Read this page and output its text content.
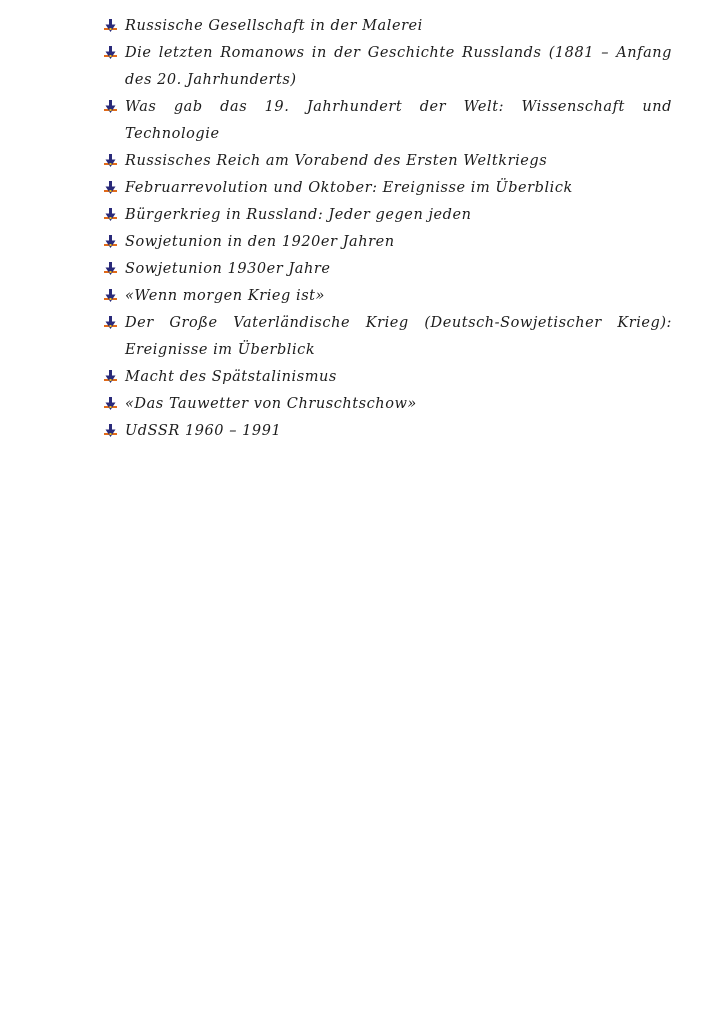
Russische Gesellschaft in der Malerei
Die letzten Romanows in der Geschichte Russlands (1881 – Anfang des 20. Jahrhunderts)
Was gab das 19. Jahrhundert der Welt: Wissenschaft und Technologie
Russisches Reich am Vorabend des Ersten Weltkriegs
Februarrevolution und Oktober: Ereignisse im Überblick
Bürgerkrieg in Russland: Jeder gegen jeden
Sowjetunion in den 1920er Jahren
Sowjetunion 1930er Jahre
«Wenn morgen Krieg ist»
Der Große Vaterländische Krieg (Deutsch-Sowjetischer Krieg): Ereignisse im Überblick
Macht des Spätstalinismus
«Das Tauwetter von Chruschtschow»
UdSSR 1960 – 1991
